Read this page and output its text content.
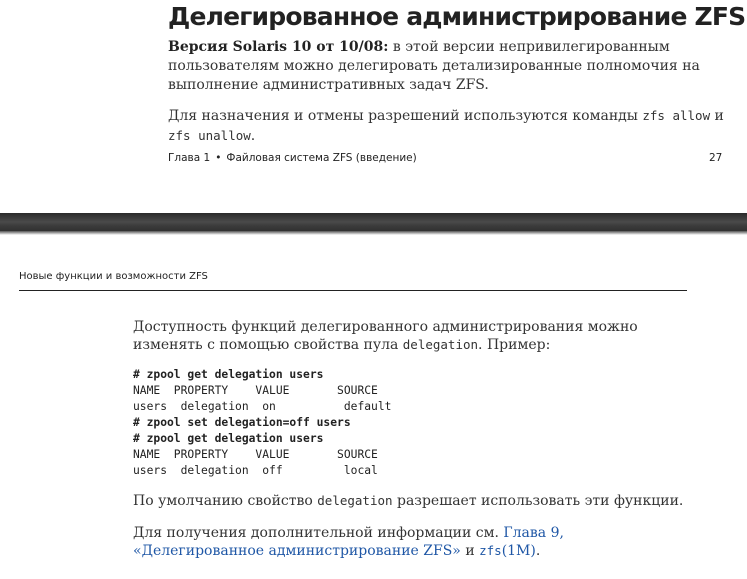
Делегированное администрирование ZFS
Версия Solaris 10 от 10/08: в этой версии непривилегированным пользователям можно делегировать детализированные полномочия на выполнение административных задач ZFS.
Для назначения и отмены разрешений используются команды zfs allow и zfs unallow.
Глава 1 • Файловая система ZFS (введение)	27
Новые функции и возможности ZFS
Доступность функций делегированного администрирования можно изменять с помощью свойства пула delegation. Пример:
# zpool get delegation users
NAME  PROPERTY    VALUE       SOURCE
users  delegation  on          default
# zpool set delegation=off users
# zpool get delegation users
NAME  PROPERTY    VALUE       SOURCE
users  delegation  off         local
По умолчанию свойство delegation разрешает использовать эти функции.
Для получения дополнительной информации см. Глава 9, «Делегированное администрирование ZFS» и zfs(1M).
